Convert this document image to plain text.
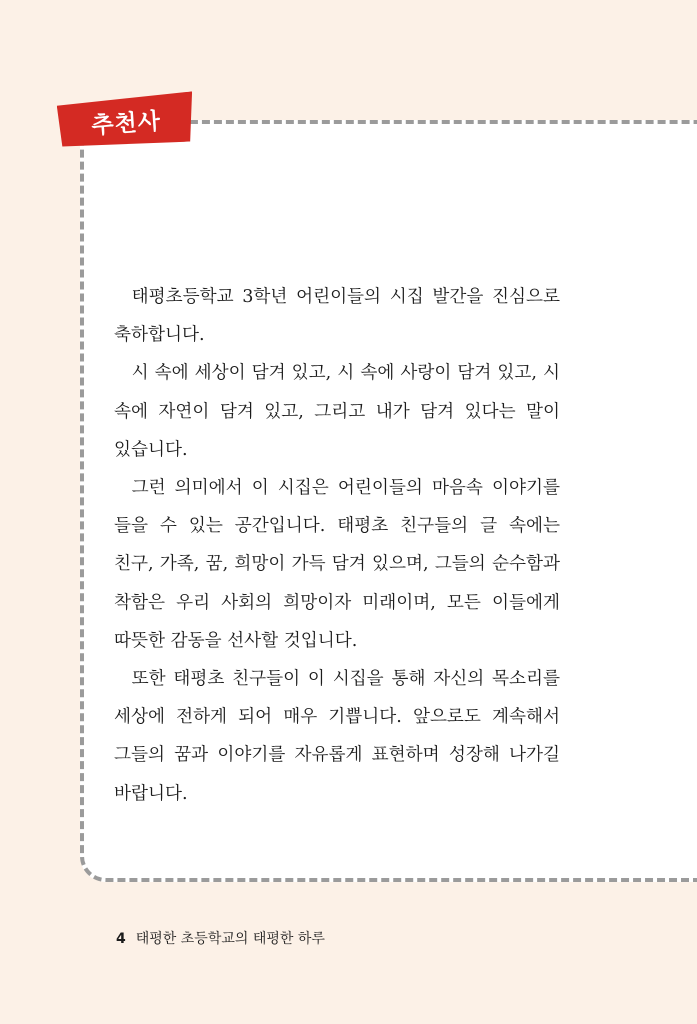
추천사

태평초등학교 3학년 어린이들의 시집 발간을 진심으로 축하합니다.

시 속에 세상이 담겨 있고, 시 속에 사랑이 담겨 있고, 시 속에 자연이 담겨 있고, 그리고 내가 담겨 있다는 말이 있습니다.

그런 의미에서 이 시집은 어린이들의 마음속 이야기를 들을 수 있는 공간입니다. 태평초 친구들의 글 속에는 친구, 가족, 꿈, 희망이 가득 담겨 있으며, 그들의 순수함과 착함은 우리 사회의 희망이자 미래이며, 모든 이들에게 따뜻한 감동을 선사할 것입니다.

또한 태평초 친구들이 이 시집을 통해 자신의 목소리를 세상에 전하게 되어 매우 기쁩니다. 앞으로도 계속해서 그들의 꿈과 이야기를 자유롭게 표현하며 성장해 나가길 바랍니다.

4 태평한 초등학교의 태평한 하루
